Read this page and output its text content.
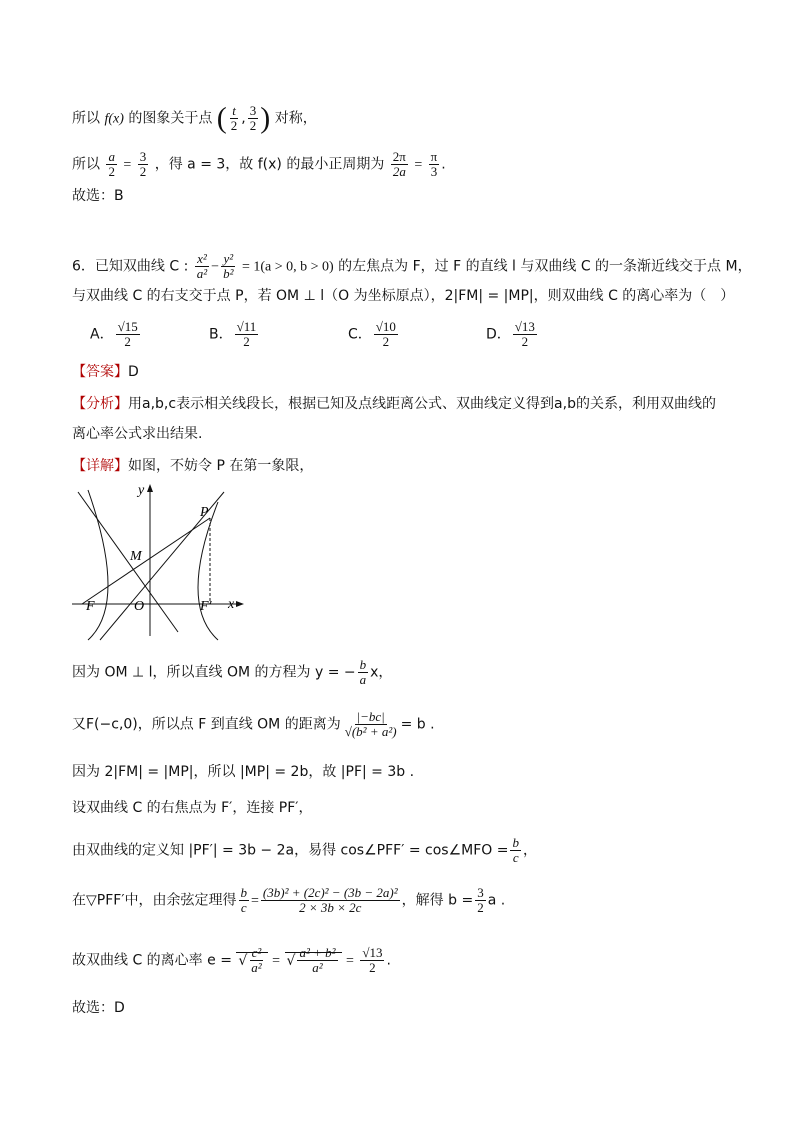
所以 f(x) 的图象关于点 ( $\frac{t}{2}$ , $\frac{3}{2}$ ) 对称，
所以 $\frac{a}{2} = \frac{3}{2}$ ，得 a = 3，故 f(x) 的最小正周期为 $\frac{2\pi}{2a} = \frac{\pi}{3}$ .
故选：B
6．已知双曲线 C : $\frac{\text{x²}}{\text{a²}} - \frac{\text{y²}}{\text{b²}} = 1(a > 0$, b > 0) 的左焦点为 F，过 F 的直线 l 与双曲线 C 的一条渐近线交于点 M，
与双曲线 C 的右支交于点 P，若 OM ⊥ l（O 为坐标原点），2|FM| = |MP|，则双曲线 C 的离心率为（　）
A． $\frac{√15}{2}$	B． $\frac{√11}{2}$	C． $\frac{√10}{2}$	D． $\frac{√13}{2}$
【答案】D
【分析】用a,b,c表示相关线段长，根据已知及点线距离公式、双曲线定义得到a,b的关系，利用双曲线的
离心率公式求出结果.
【详解】如图，不妨令 P 在第一象限，
y
x
P
M
F	O	F′
因为 OM ⊥ l，所以直线 OM 的方程为 y = − $\frac{b}{a}$ x，
又F(−c,0)，所以点 F 到直线 OM 的距离为 $\frac{|-bc|}{\text{√(b² + a²)}} = b$ .
因为 2|FM| = |MP|，所以 |MP| = 2b，故 |PF| = 3b .
设双曲线 C 的右焦点为 F′，连接 PF′，
由双曲线的定义知 |PF′| = 3b − 2a，易得 cos∠PFF′ = cos∠MFO = $\frac{b}{c}$ ，
在▽PFF′中，由余弦定理得 $\frac{b}{c} = \frac{\text{(3b)² + (2c)² − (3b − 2a)²}}{2 \times 3b \times 2c}$ ，解得 $b = \frac{3}{2}$ a .
故双曲线 C 的离心率 e = √ $\frac{\text{c²}}{\text{a²}}$ = √ $\frac{\text{a² + b²}}{\text{a²}} = \frac{√13}{2}$ .
故选：D
